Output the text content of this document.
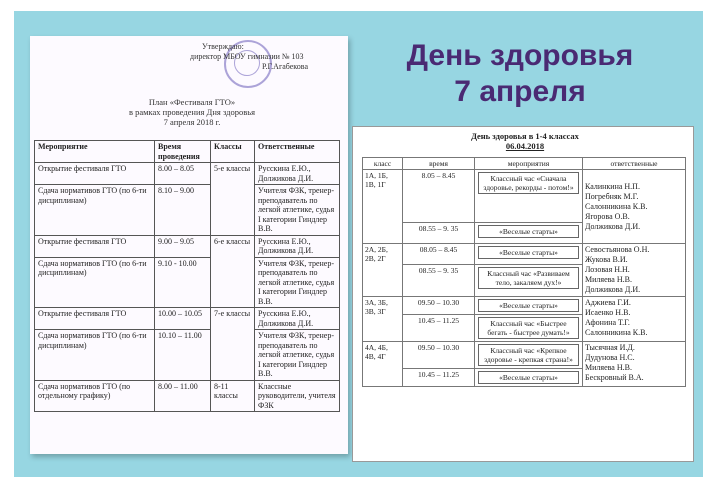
Утверждаю:
директор МБОУ гимназии № 103
Р.Г.Агабекова
План «Фестиваля ГТО»
в рамках проведения Дня здоровья
7 апреля 2018 г.
Мероприятие	Время проведения	Классы	Ответственные
Открытие фестиваля ГТО	8.00 – 8.05	5-е классы	Русскина Е.Ю., Должикова Д.И.
Сдача нормативов ГТО (по 6-ти дисциплинам)	8.10 – 9.00		Учителя ФЗК, тренер-преподаватель по легкой атлетике, судья I категории Гиндлер В.В.
Открытие фестиваля ГТО	9.00 – 9.05	6-е классы	Русскина Е.Ю., Должикова Д.И.
Сдача нормативов ГТО (по 6-ти дисциплинам)	9.10 - 10.00		Учителя ФЗК, тренер-преподаватель по легкой атлетике, судья I категории Гиндлер В.В.
Открытие фестиваля ГТО	10.00 – 10.05	7-е классы	Русскина Е.Ю., Должикова Д.И.
Сдача нормативов ГТО (по 6-ти дисциплинам)	10.10 – 11.00		Учителя ФЗК, тренер-преподаватель по легкой атлетике, судья I категории Гиндлер В.В.
Сдача нормативов ГТО (по отдельному графику)	8.00 – 11.00	8-11 классы	Классные руководители, учителя ФЗК
День здоровья
7 апреля
День здоровья в 1-4 классах
06.04.2018
класс	время	мероприятия	ответственные
1А, 1Б, 1В, 1Г	8.05 – 8.45	Классный час «Сначала здоровье, рекорды - потом!»	Калинкина Н.П.
Погребняк М.Г.
Салонникина К.В.
Ягорова О.В.
Должикова Д.И.

	08.55 – 9. 35	«Веселые старты»	

2А, 2Б, 2В, 2Г	08.05 – 8.45	«Веселые старты»	Севостьянова О.Н.
Жукова В.И.
Лозовая Н.Н.
Миляева Н.В.
Должикова Д.И.

	08.55 – 9. 35	Классный час «Развиваем тело, закаляем дух!»	

3А, 3Б, 3В, 3Г	09.50 – 10.30	«Веселые старты»	Аджиева Г.И.
Исаенко Н.В.
Афонина Т.Г.
Салонникина К.В.

	10.45 – 11.25	Классный час «Быстрее бегать - быстрее думать!»	

4А, 4Б, 4В, 4Г	09.50 – 10.30	Классный час «Крепкое здоровье - крепкая страна!»	Тысячная И.Д.
Дудунова Н.С.
Миляева Н.В.
Бескровный В.А.

	10.45 – 11.25	«Веселые старты»	
